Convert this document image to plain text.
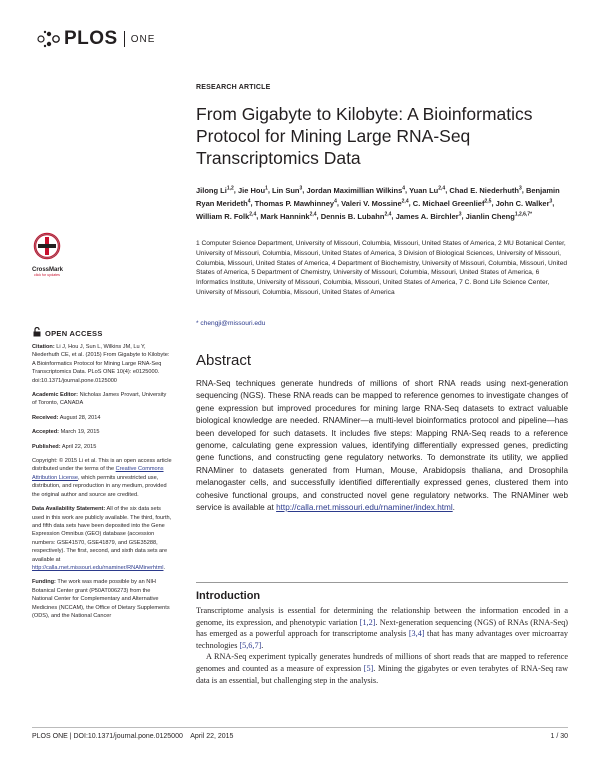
PLOS ONE
RESEARCH ARTICLE
From Gigabyte to Kilobyte: A Bioinformatics Protocol for Mining Large RNA-Seq Transcriptomics Data
Jilong Li$^{1,2}$, Jie Hou$^1$, Lin Sun$^3$, Jordan Maximillian Wilkins$^4$, Yuan Lu$^{2,4}$, Chad E. Niederhuth$^3$, Benjamin Ryan Merideth$^4$, Thomas P. Mawhinney$^4$, Valeri V. Mossine$^{2,4}$, C. Michael Greenlief$^{2,5}$, John C. Walker$^3$, William R. Folk$^{2,4}$, Mark Hannink$^{2,4}$, Dennis B. Lubahn$^{2,4}$, James A. Birchler$^3$, Jianlin Cheng$^{1,2,6,7*}$
1 Computer Science Department, University of Missouri, Columbia, Missouri, United States of America, 2 MU Botanical Center, University of Missouri, Columbia, Missouri, United States of America, 3 Division of Biological Sciences, University of Missouri, Columbia, Missouri, United States of America, 4 Department of Biochemistry, University of Missouri, Columbia, Missouri, United States of America, 5 Department of Chemistry, University of Missouri, Columbia, Missouri, United States of America, 6 Informatics Institute, University of Missouri, Columbia, Missouri, United States of America, 7 C. Bond Life Science Center, University of Missouri, Columbia, Missouri, United States of America
* chengji@missouri.edu
Abstract
RNA-Seq techniques generate hundreds of millions of short RNA reads using next-generation sequencing (NGS). These RNA reads can be mapped to reference genomes to investigate changes of gene expression but improved procedures for mining large RNA-Seq datasets to extract valuable biological knowledge are needed. RNAMiner—a multi-level bioinformatics protocol and pipeline—has been developed for such datasets. It includes five steps: Mapping RNA-Seq reads to a reference genome, calculating gene expression values, identifying differentially expressed genes, predicting gene functions, and constructing gene regulatory networks. To demonstrate its utility, we applied RNAMiner to datasets generated from Human, Mouse, Arabidopsis thaliana, and Drosophila melanogaster cells, and successfully identified differentially expressed genes, clustered them into cohesive functional groups, and constructed novel gene regulatory networks. The RNAMiner web service is available at http://calla.rnet.missouri.edu/rnaminer/index.html.
Introduction

Transcriptome analysis is essential for determining the relationship between the information encoded in a genome, its expression, and phenotypic variation [1,2]. Next-generation sequencing (NGS) of RNAs (RNA-Seq) has emerged as a powerful approach for transcriptome analysis [3,4] that has many advantages over microarray technologies [5,6,7].

A RNA-Seq experiment typically generates hundreds of millions of short reads that are mapped to reference genomes and counted as a measure of expression [5]. Mining the gigabytes or even terabytes of RNA-Seq raw data is an essential, but challenging step in the analysis.

CrossMark
click for updates
OPEN ACCESS

Citation: Li J, Hou J, Sun L, Wilkins JM, Lu Y, Niederhuth CE, et al. (2015) From Gigabyte to Kilobyte: A Bioinformatics Protocol for Mining Large RNA-Seq Transcriptomics Data. PLoS ONE 10(4): e0125000. doi:10.1371/journal.pone.0125000

Academic Editor: Nicholas James Provart, University of Toronto, CANADA

Received: August 28, 2014

Accepted: March 19, 2015

Published: April 22, 2015

Copyright: © 2015 Li et al. This is an open access article distributed under the terms of the Creative Commons Attribution License, which permits unrestricted use, distribution, and reproduction in any medium, provided the original author and source are credited.

Data Availability Statement: All of the six data sets used in this work are publicly available. The third, fourth, and fifth data sets have been deposited into the Gene Expression Omnibus (GEO) database (accession numbers: GSE41570, GSE41879, and GSE35288, respectively). The first, second, and sixth data sets are available at http://calla.rnet.missouri.edu/rnaminer/RNAMinerhtml.

Funding: The work was made possible by an NIH Botanical Center grant (P50AT006273) from the National Center for Complementary and Alternative Medicines (NCCAM), the Office of Dietary Supplements (ODS), and the National Cancer

PLOS ONE | DOI:10.1371/journal.pone.0125000    April 22, 2015	1 / 30
